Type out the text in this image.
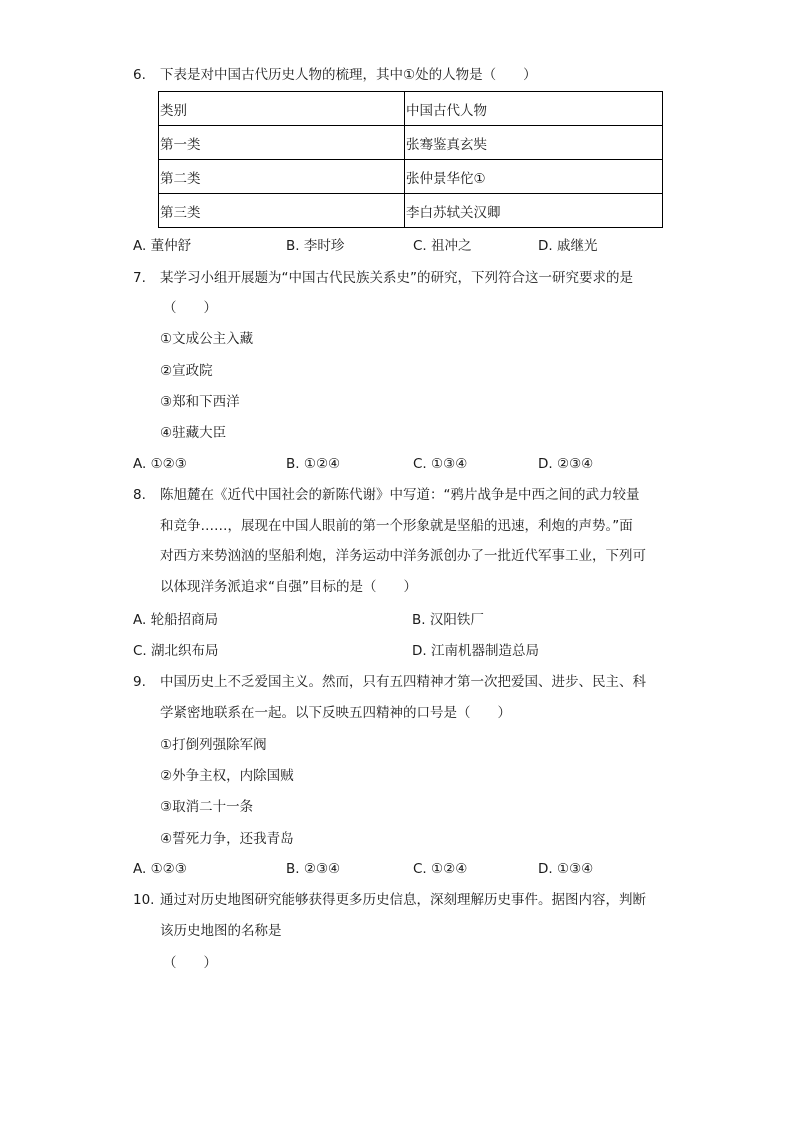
6.	下表是对中国古代历史人物的梳理，其中①处的人物是（　　）
类别	中国古代人物
第一类	张骞鉴真玄奘
第二类	张仲景华佗①
第三类	李白苏轼关汉卿
A. 董仲舒	B. 李时珍	C. 祖冲之	D. 戚继光
7.	某学习小组开展题为“中国古代民族关系史”的研究，下列符合这一研究要求的是
（　　）
①文成公主入藏
②宣政院
③郑和下西洋
④驻藏大臣
A. ①②③	B. ①②④	C. ①③④	D. ②③④
8.	陈旭麓在《近代中国社会的新陈代谢》中写道：“鸦片战争是中西之间的武力较量
和竞争……，展现在中国人眼前的第一个形象就是坚船的迅速，利炮的声势。”面
对西方来势汹汹的坚船利炮，洋务运动中洋务派创办了一批近代军事工业，下列可
以体现洋务派追求“自强”目标的是（　　）
A. 轮船招商局	B. 汉阳铁厂
C. 湖北织布局	D. 江南机器制造总局
9.	中国历史上不乏爱国主义。然而，只有五四精神才第一次把爱国、进步、民主、科
学紧密地联系在一起。以下反映五四精神的口号是（　　）
①打倒列强除军阀
②外争主权，内除国贼
③取消二十一条
④誓死力争，还我青岛
A. ①②③	B. ②③④	C. ①②④	D. ①③④
10. 通过对历史地图研究能够获得更多历史信息，深刻理解历史事件。据图内容，判断
该历史地图的名称是
（　　）
